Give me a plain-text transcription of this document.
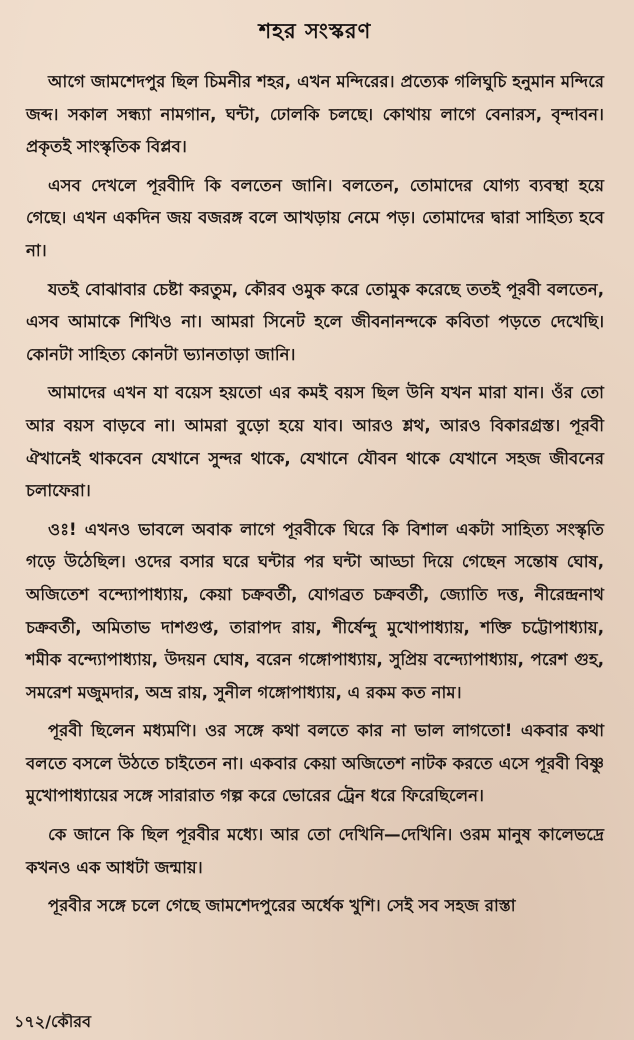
শহর সংস্করণ

আগে জামশেদপুর ছিল চিমনীর শহর, এখন মন্দিরের। প্রত্যেক গলিঘুচি হনুমান মন্দিরে জব্দ। সকাল সন্ধ্যা নামগান, ঘন্টা, ঢোলকি চলছে। কোথায় লাগে বেনারস, বৃন্দাবন। প্রকৃতই সাংস্কৃতিক বিপ্লব।

এসব দেখলে পূরবীদি কি বলতেন জানি। বলতেন, তোমাদের যোগ্য ব্যবস্থা হয়ে গেছে। এখন একদিন জয় বজরঙ্গ বলে আখড়ায় নেমে পড়। তোমাদের দ্বারা সাহিত্য হবে না।

যতই বোঝাবার চেষ্টা করতুম, কৌরব ওমুক করে তোমুক করেছে ততই পূরবী বলতেন, এসব আমাকে শিখিও না। আমরা সিনেট হলে জীবনানন্দকে কবিতা পড়তে দেখেছি। কোনটা সাহিত্য কোনটা ভ্যানতাড়া জানি।

আমাদের এখন যা বয়েস হয়তো এর কমই বয়স ছিল উনি যখন মারা যান। ওঁর তো আর বয়স বাড়বে না। আমরা বুড়ো হয়ে যাব। আরও শ্লথ, আরও বিকারগ্রস্ত। পূরবী ঐখানেই থাকবেন যেখানে সুন্দর থাকে, যেখানে যৌবন থাকে যেখানে সহজ জীবনের চলাফেরা।

ওঃ! এখনও ভাবলে অবাক লাগে পূরবীকে ঘিরে কি বিশাল একটা সাহিত্য সংস্কৃতি গড়ে উঠেছিল। ওদের বসার ঘরে ঘন্টার পর ঘন্টা আড্ডা দিয়ে গেছেন সন্তোষ ঘোষ, অজিতেশ বন্দ্যোপাধ্যায়, কেয়া চক্রবর্তী, যোগব্রত চক্রবর্তী, জ্যোতি দত্ত, নীরেন্দ্রনাথ চক্রবর্তী, অমিতাভ দাশগুপ্ত, তারাপদ রায়, শীর্ষেন্দু মুখোপাধ্যায়, শক্তি চট্টোপাধ্যায়, শমীক বন্দ্যোপাধ্যায়, উদয়ন ঘোষ, বরেন গঙ্গোপাধ্যায়, সুপ্রিয় বন্দ্যোপাধ্যায়, পরেশ গুহ, সমরেশ মজুমদার, অভ্র রায়, সুনীল গঙ্গোপাধ্যায়, এ রকম কত নাম।

পূরবী ছিলেন মধ্যমণি। ওর সঙ্গে কথা বলতে কার না ভাল লাগতো! একবার কথা বলতে বসলে উঠতে চাইতেন না। একবার কেয়া অজিতেশ নাটক করতে এসে পূরবী বিষ্ণু মুখোপাধ্যায়ের সঙ্গে সারারাত গল্প করে ভোরের ট্রেন ধরে ফিরেছিলেন।

কে জানে কি ছিল পূরবীর মধ্যে। আর তো দেখিনি—দেখিনি। ওরম মানুষ কালেভদ্রে কখনও এক আধটা জন্মায়।

পূরবীর সঙ্গে চলে গেছে জামশেদপুরের অর্ধেক খুশি। সেই সব সহজ রাস্তা

১৭২/কৌরব
